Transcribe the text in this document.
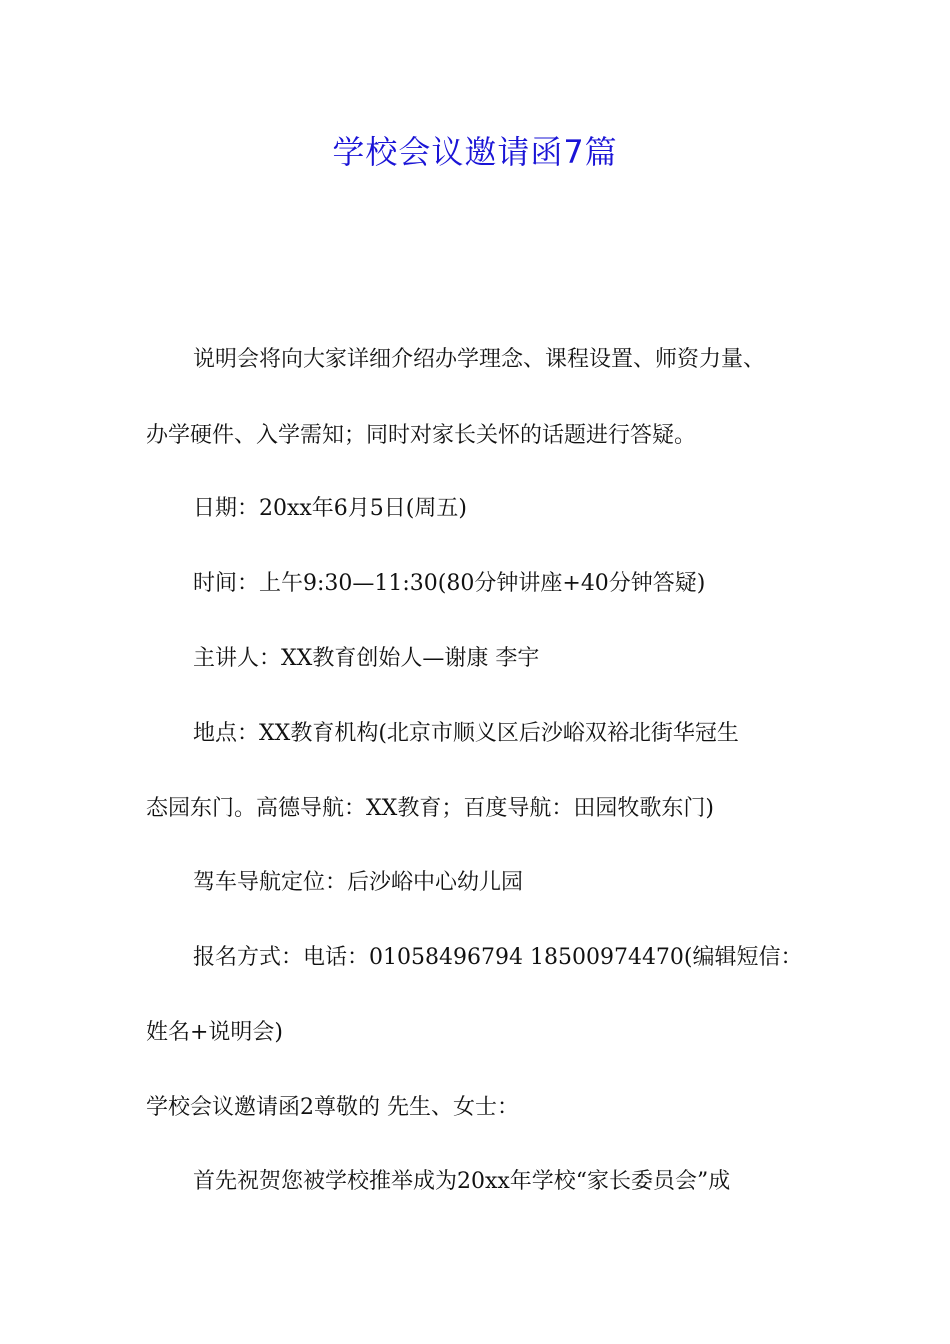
学校会议邀请函7篇
说明会将向大家详细介绍办学理念、课程设置、师资力量、
办学硬件、入学需知；同时对家长关怀的话题进行答疑。
日期：20xx年6月5日(周五)
时间：上午9:30—11:30(80分钟讲座+40分钟答疑)
主讲人：XX教育创始人—谢康 李宇
地点：XX教育机构(北京市顺义区后沙峪双裕北街华冠生
态园东门。高德导航：XX教育；百度导航：田园牧歌东门)
驾车导航定位：后沙峪中心幼儿园
报名方式：电话：01058496794 18500974470(编辑短信：
姓名+说明会)
学校会议邀请函2尊敬的 先生、女士：
首先祝贺您被学校推举成为20xx年学校“家长委员会”成
